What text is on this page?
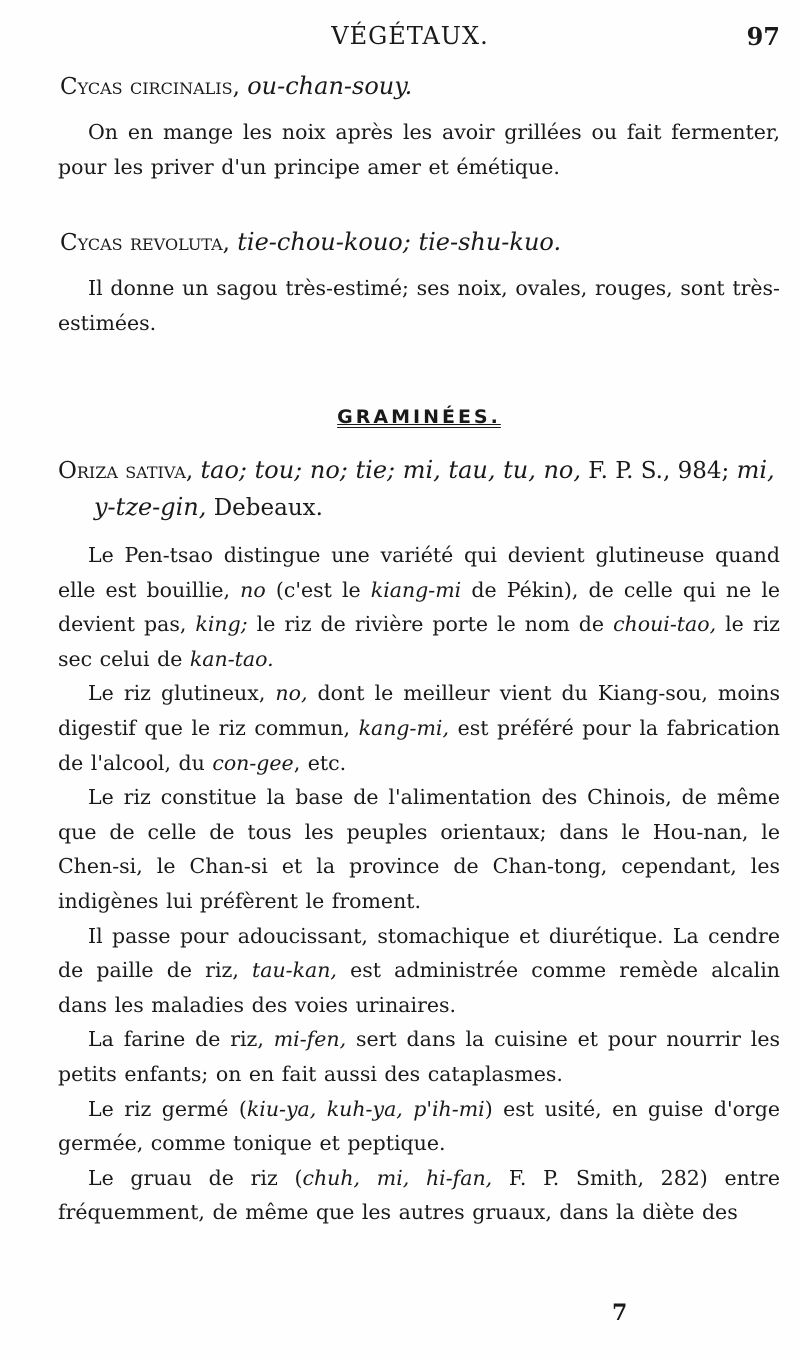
VÉGÉTAUX.	97
Cycas circinalis, ou-chan-souy.

On en mange les noix après les avoir grillées ou fait fermenter, pour les priver d'un principe amer et émétique.

Cycas revoluta, tie-chou-kouo; tie-shu-kuo.

Il donne un sagou très-estimé; ses noix, ovales, rouges, sont très-estimées.

GRAMINÉES.
Oriza sativa, tao; tou; no; tie; mi, tau, tu, no, F. P. S., 984; mi, y-tze-gin, Debeaux.

Le Pen-tsao distingue une variété qui devient glutineuse quand elle est bouillie, no (c'est le kiang-mi de Pékin), de celle qui ne le devient pas, king; le riz de rivière porte le nom de choui-tao, le riz sec celui de kan-tao.

Le riz glutineux, no, dont le meilleur vient du Kiang-sou, moins digestif que le riz commun, kang-mi, est préféré pour la fabrication de l'alcool, du con-gee, etc.

Le riz constitue la base de l'alimentation des Chinois, de même que de celle de tous les peuples orientaux; dans le Hou-nan, le Chen-si, le Chan-si et la province de Chan-tong, cependant, les indigènes lui préfèrent le froment.

Il passe pour adoucissant, stomachique et diurétique. La cendre de paille de riz, tau-kan, est administrée comme remède alcalin dans les maladies des voies urinaires.

La farine de riz, mi-fen, sert dans la cuisine et pour nourrir les petits enfants; on en fait aussi des cataplasmes.

Le riz germé (kiu-ya, kuh-ya, p'ih-mi) est usité, en guise d'orge germée, comme tonique et peptique.

Le gruau de riz (chuh, mi, hi-fan, F. P. Smith, 282) entre fréquemment, de même que les autres gruaux, dans la diète des

7
